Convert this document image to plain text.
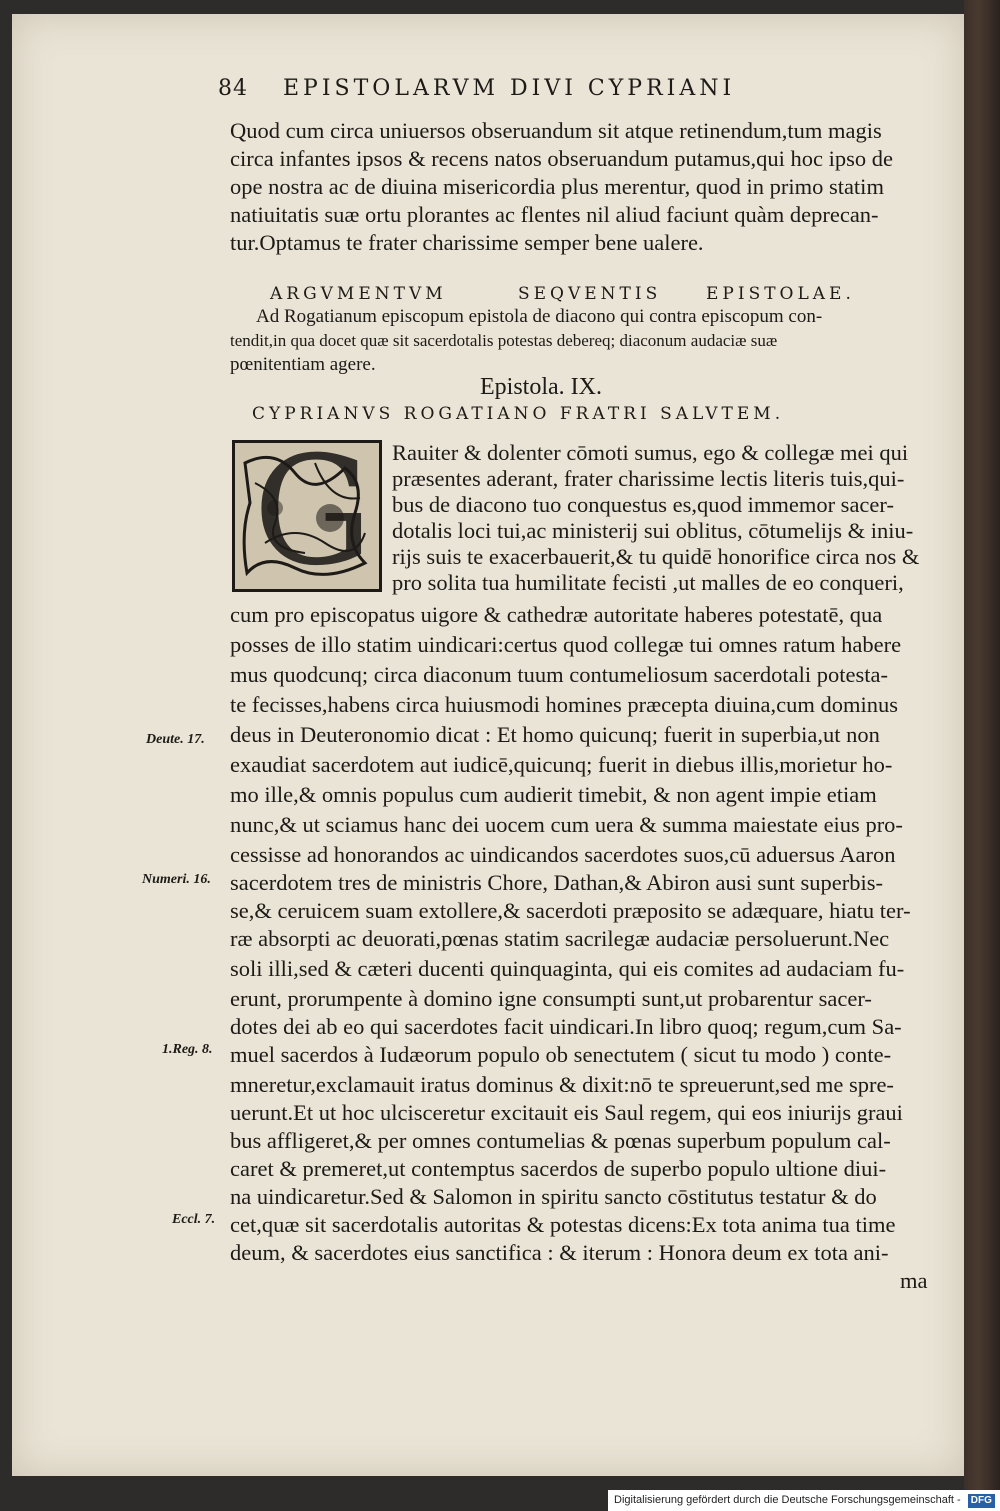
84 EPISTOLARVM DIVI CYPRIANI
Quod cum circa uniuersos obseruandum sit atque retinendum,tum magis
circa infantes ipsos & recens natos obseruandum putamus,qui hoc ipso de
ope nostra ac de diuina misericordia plus merentur, quod in primo statim
natiuitatis suæ ortu plorantes ac flentes nil aliud faciunt quàm deprecan-
tur.Optamus te frater charissime semper bene ualere.
ARGVMENTVM	SEQVENTIS	EPISTOLAE.
Ad Rogatianum episcopum epistola de diacono qui contra episcopum con-
tendit,in qua docet quæ sit sacerdotalis potestas debereq; diaconum audaciæ suæ
pœnitentiam agere.
Epistola. IX.
CYPRIANVS ROGATIANO FRATRI SALVTEM.
G Rauiter & dolenter cōmoti sumus, ego & collegæ mei qui
præsentes aderant, frater charissime lectis literis tuis,qui-
bus de diacono tuo conquestus es,quod immemor sacer-
dotalis loci tui,ac ministerij sui oblitus, cōtumelijs & iniu-
rijs suis te exacerbauerit,& tu quidē honorifice circa nos &
pro solita tua humilitate fecisti ,ut malles de eo conqueri,
cum pro episcopatus uigore & cathedræ autoritate haberes potestatē, qua
posses de illo statim uindicari:certus quod collegæ tui omnes ratum habere
mus quodcunq; circa diaconum tuum contumeliosum sacerdotali potesta-
te fecisses,habens circa huiusmodi homines præcepta diuina,cum dominus
deus in Deuteronomio dicat : Et homo quicunq; fuerit in superbia,ut non
exaudiat sacerdotem aut iudicē,quicunq; fuerit in diebus illis,morietur ho-
mo ille,& omnis populus cum audierit timebit, & non agent impie etiam
nunc,& ut sciamus hanc dei uocem cum uera & summa maiestate eius pro-
cessisse ad honorandos ac uindicandos sacerdotes suos,cū aduersus Aaron
sacerdotem tres de ministris Chore, Dathan,& Abiron ausi sunt superbis-
se,& ceruicem suam extollere,& sacerdoti præposito se adæquare, hiatu ter-
ræ absorpti ac deuorati,pœnas statim sacrilegæ audaciæ persoluerunt.Nec
soli illi,sed & cæteri ducenti quinquaginta, qui eis comites ad audaciam fu-
erunt, prorumpente à domino igne consumpti sunt,ut probarentur sacer-
dotes dei ab eo qui sacerdotes facit uindicari.In libro quoq; regum,cum Sa-
muel sacerdos à Iudæorum populo ob senectutem ( sicut tu modo ) conte-
mneretur,exclamauit iratus dominus & dixit:nō te spreuerunt,sed me spre-
uerunt.Et ut hoc ulcisceretur excitauit eis Saul regem, qui eos iniurijs graui
bus affligeret,& per omnes contumelias & pœnas superbum populum cal-
caret & premeret,ut contemptus sacerdos de superbo populo ultione diui-
na uindicaretur.Sed & Salomon in spiritu sancto cōstitutus testatur & do
cet,quæ sit sacerdotalis autoritas & potestas dicens:Ex tota anima tua time
deum, & sacerdotes eius sanctifica : & iterum : Honora deum ex tota ani-
ma
Deute. 17.
Numeri. 16.
1.Reg. 8.
Eccl. 7.
Digitalisierung gefördert durch die Deutsche Forschungsgemeinschaft - DFG
